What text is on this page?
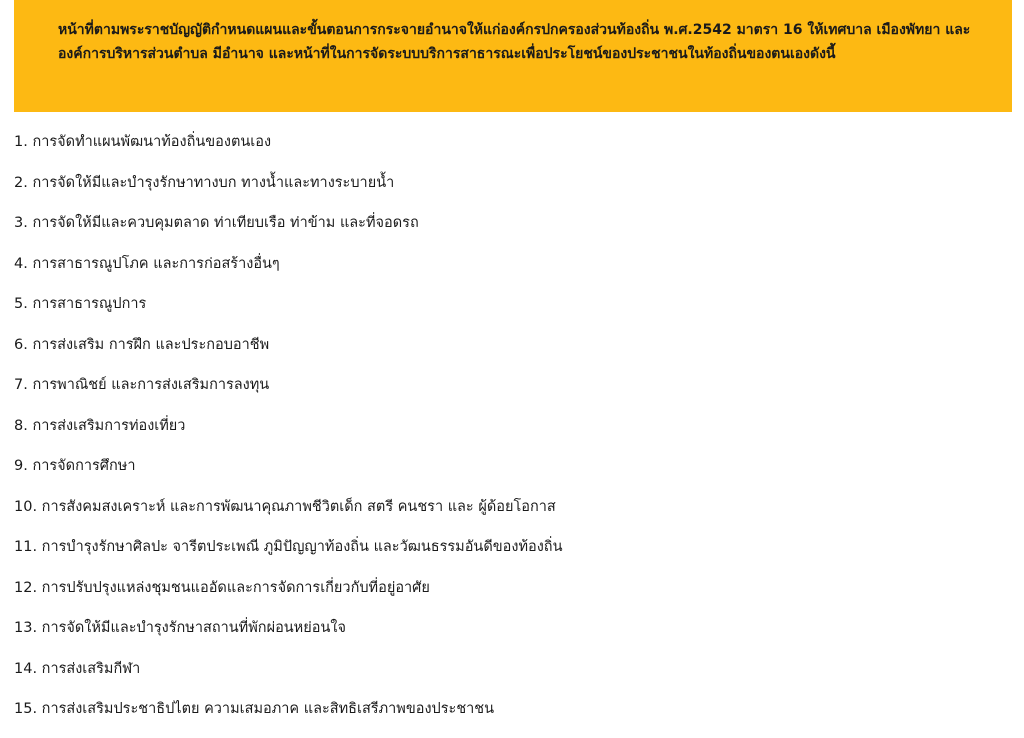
หน้าที่ตามพระราชบัญญัติกำหนดแผนและขั้นตอนการกระจายอำนาจให้แก่องค์กรปกครองส่วนท้องถิ่น พ.ศ.2542 มาตรา 16 ให้เทศบาล เมืองพัทยา และองค์การบริหารส่วนตำบล มีอำนาจ และหน้าที่ในการจัดระบบบริการสาธารณะเพื่อประโยชน์ของประชาชนในท้องถิ่นของตนเองดังนี้

1. การจัดทำแผนพัฒนาท้องถิ่นของตนเอง
2. การจัดให้มีและบำรุงรักษาทางบก ทางน้ำและทางระบายน้ำ
3. การจัดให้มีและควบคุมตลาด ท่าเทียบเรือ ท่าข้าม และที่จอดรถ
4. การสาธารณูปโภค และการก่อสร้างอื่นๆ
5. การสาธารณูปการ
6. การส่งเสริม การฝึก และประกอบอาชีพ
7. การพาณิชย์ และการส่งเสริมการลงทุน
8. การส่งเสริมการท่องเที่ยว
9. การจัดการศึกษา
10. การสังคมสงเคราะห์ และการพัฒนาคุณภาพชีวิตเด็ก สตรี คนชรา และ ผู้ด้อยโอกาส
11. การบำรุงรักษาศิลปะ จารีตประเพณี ภูมิปัญญาท้องถิ่น และวัฒนธรรมอันดีของท้องถิ่น
12. การปรับปรุงแหล่งชุมชนแออัดและการจัดการเกี่ยวกับที่อยู่อาศัย
13. การจัดให้มีและบำรุงรักษาสถานที่พักผ่อนหย่อนใจ
14. การส่งเสริมกีฬา
15. การส่งเสริมประชาธิปไตย ความเสมอภาค และสิทธิเสรีภาพของประชาชน
